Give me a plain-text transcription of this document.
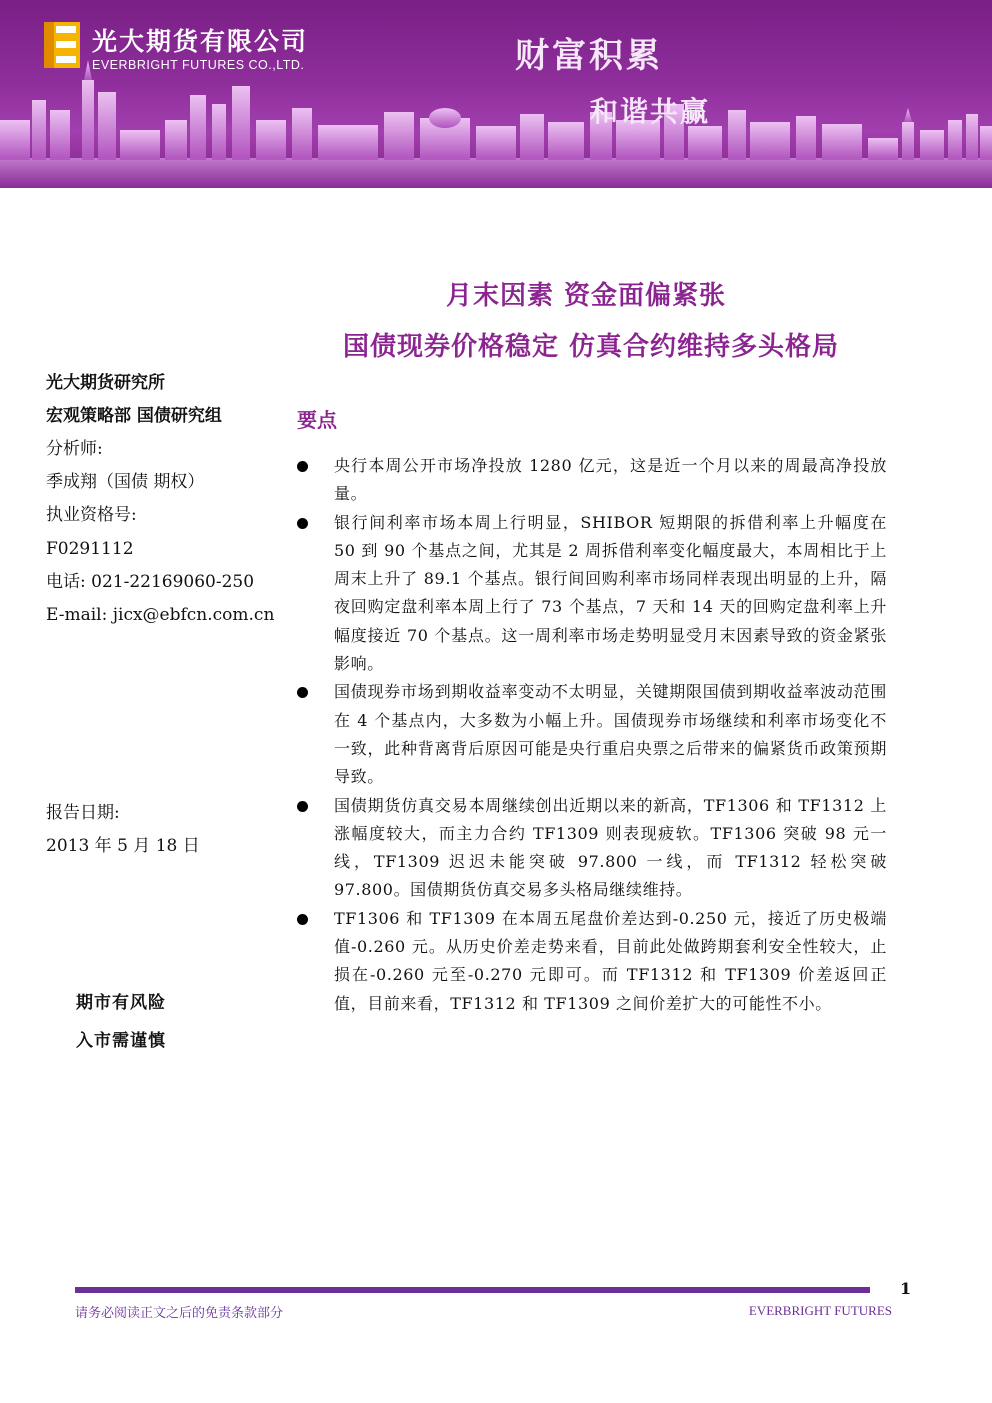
光大期货有限公司
EVERBRIGHT FUTURES CO.,LTD.	财富积累
和谐共赢
月末因素 资金面偏紧张
国债现券价格稳定 仿真合约维持多头格局
光大期货研究所
宏观策略部 国债研究组
分析师:
季成翔（国债 期权）
执业资格号:
F0291112
电话: 021-22169060-250
E-mail: jicx@ebfcn.com.cn
报告日期:
2013 年 5 月 18 日
期市有风险
入市需谨慎
要点
央行本周公开市场净投放 1280 亿元，这是近一个月以来的周最高净投放量。
银行间利率市场本周上行明显，SHIBOR 短期限的拆借利率上升幅度在 50 到 90 个基点之间，尤其是 2 周拆借利率变化幅度最大，本周相比于上周末上升了 89.1 个基点。银行间回购利率市场同样表现出明显的上升，隔夜回购定盘利率本周上行了 73 个基点，7 天和 14 天的回购定盘利率上升幅度接近 70 个基点。这一周利率市场走势明显受月末因素导致的资金紧张影响。
国债现券市场到期收益率变动不太明显，关键期限国债到期收益率波动范围在 4 个基点内，大多数为小幅上升。国债现券市场继续和利率市场变化不一致，此种背离背后原因可能是央行重启央票之后带来的偏紧货币政策预期导致。
国债期货仿真交易本周继续创出近期以来的新高，TF1306 和 TF1312 上涨幅度较大，而主力合约 TF1309 则表现疲软。TF1306 突破 98 元一线，TF1309 迟迟未能突破 97.800 一线，而 TF1312 轻松突破 97.800。国债期货仿真交易多头格局继续维持。
TF1306 和 TF1309 在本周五尾盘价差达到-0.250 元，接近了历史极端值-0.260 元。从历史价差走势来看，目前此处做跨期套利安全性较大，止损在-0.260 元至-0.270 元即可。而 TF1312 和 TF1309 价差返回正值，目前来看，TF1312 和 TF1309 之间价差扩大的可能性不小。
1
请务必阅读正文之后的免责条款部分	EVERBRIGHT FUTURES
